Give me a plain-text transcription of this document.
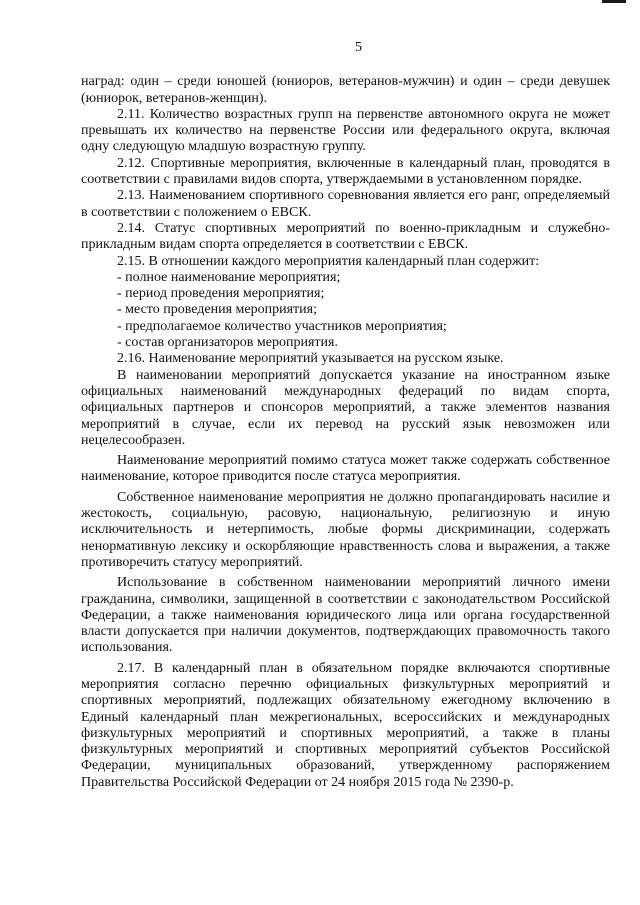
5

наград: один – среди юношей (юниоров, ветеранов-мужчин) и один – среди девушек (юниорок, ветеранов-женщин).

2.11. Количество возрастных групп на первенстве автономного округа не может превышать их количество на первенстве России или федерального округа, включая одну следующую младшую возрастную группу.

2.12. Спортивные мероприятия, включенные в календарный план, проводятся в соответствии с правилами видов спорта, утверждаемыми в установленном порядке.

2.13. Наименованием спортивного соревнования является его ранг, определяемый в соответствии с положением о ЕВСК.

2.14. Статус спортивных мероприятий по военно-прикладным и служебно-прикладным видам спорта определяется в соответствии с ЕВСК.

2.15. В отношении каждого мероприятия календарный план содержит:

- полное наименование мероприятия;

- период проведения мероприятия;

- место проведения мероприятия;

- предполагаемое количество участников мероприятия;

- состав организаторов мероприятия.

2.16. Наименование мероприятий указывается на русском языке.

В наименовании мероприятий допускается указание на иностранном языке официальных наименований международных федераций по видам спорта, официальных партнеров и спонсоров мероприятий, а также элементов названия мероприятий в случае, если их перевод на русский язык невозможен или нецелесообразен.

Наименование мероприятий помимо статуса может также содержать собственное наименование, которое приводится после статуса мероприятия.

Собственное наименование мероприятия не должно пропагандировать насилие и жестокость, социальную, расовую, национальную, религиозную и иную исключительность и нетерпимость, любые формы дискриминации, содержать ненормативную лексику и оскорбляющие нравственность слова и выражения, а также противоречить статусу мероприятий.

Использование в собственном наименовании мероприятий личного имени гражданина, символики, защищенной в соответствии с законодательством Российской Федерации, а также наименования юридического лица или органа государственной власти допускается при наличии документов, подтверждающих правомочность такого использования.

2.17. В календарный план в обязательном порядке включаются спортивные мероприятия согласно перечню официальных физкультурных мероприятий и спортивных мероприятий, подлежащих обязательному ежегодному включению в Единый календарный план межрегиональных, всероссийских и международных физкультурных мероприятий и спортивных мероприятий, а также в планы физкультурных мероприятий и спортивных мероприятий субъектов Российской Федерации, муниципальных образований, утвержденному распоряжением Правительства Российской Федерации от 24 ноября 2015 года № 2390-р.
